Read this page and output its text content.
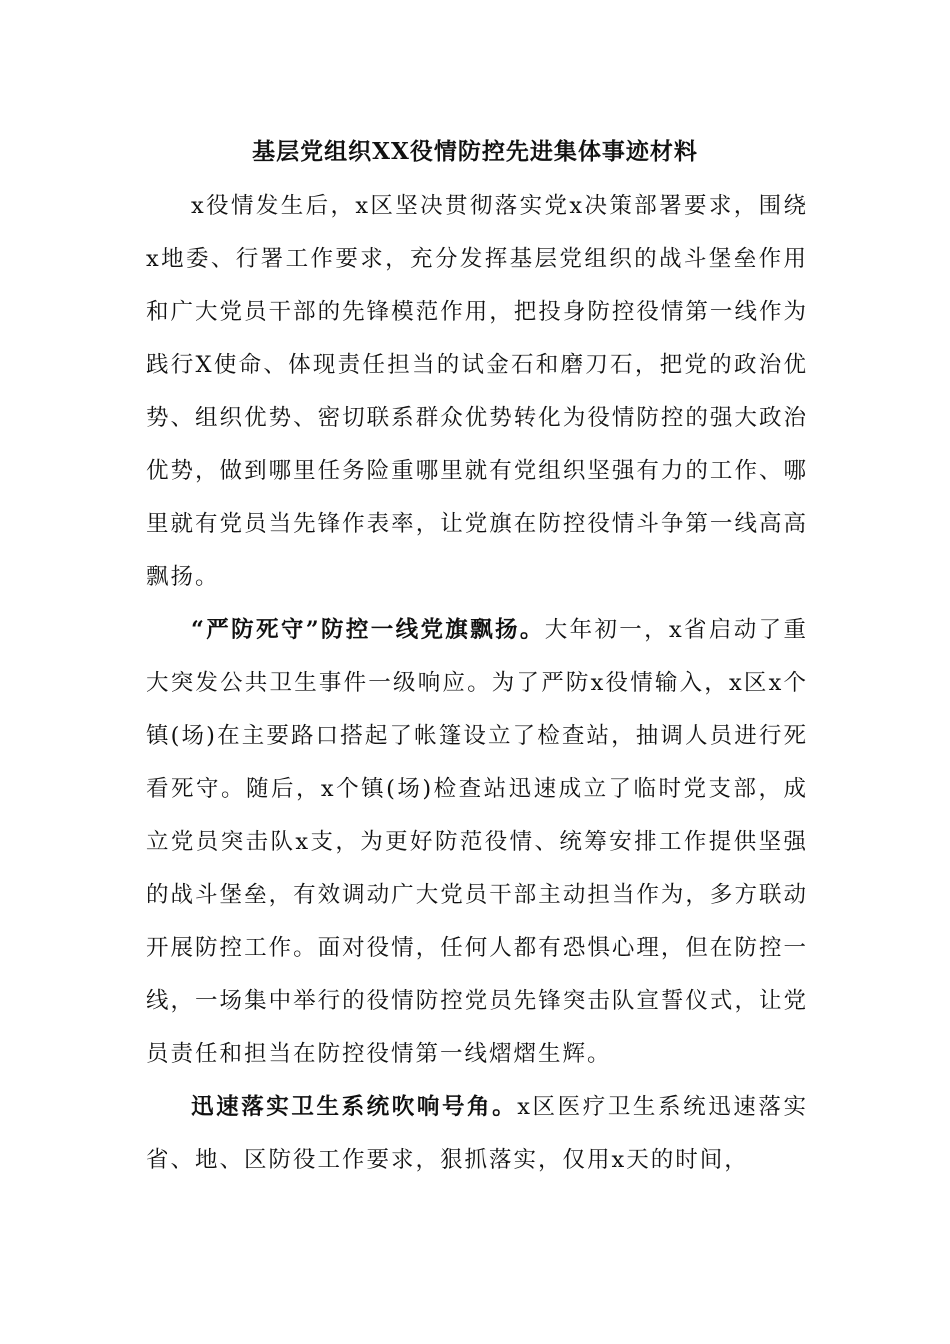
基层党组织XX役情防控先进集体事迹材料

x役情发生后，x区坚决贯彻落实党x决策部署要求，围绕x地委、行署工作要求，充分发挥基层党组织的战斗堡垒作用和广大党员干部的先锋模范作用，把投身防控役情第一线作为践行X使命、体现责任担当的试金石和磨刀石，把党的政治优势、组织优势、密切联系群众优势转化为役情防控的强大政治优势，做到哪里任务险重哪里就有党组织坚强有力的工作、哪里就有党员当先锋作表率，让党旗在防控役情斗争第一线高高飘扬。

“严防死守”防控一线党旗飘扬。大年初一，x省启动了重大突发公共卫生事件一级响应。为了严防x役情输入，x区x个镇(场)在主要路口搭起了帐篷设立了检查站，抽调人员进行死看死守。随后，x个镇(场)检查站迅速成立了临时党支部，成立党员突击队x支，为更好防范役情、统筹安排工作提供坚强的战斗堡垒，有效调动广大党员干部主动担当作为，多方联动开展防控工作。面对役情，任何人都有恐惧心理，但在防控一线，一场集中举行的役情防控党员先锋突击队宣誓仪式，让党员责任和担当在防控役情第一线熠熠生辉。

迅速落实卫生系统吹响号角。x区医疗卫生系统迅速落实省、地、区防役工作要求，狠抓落实，仅用x天的时间，
